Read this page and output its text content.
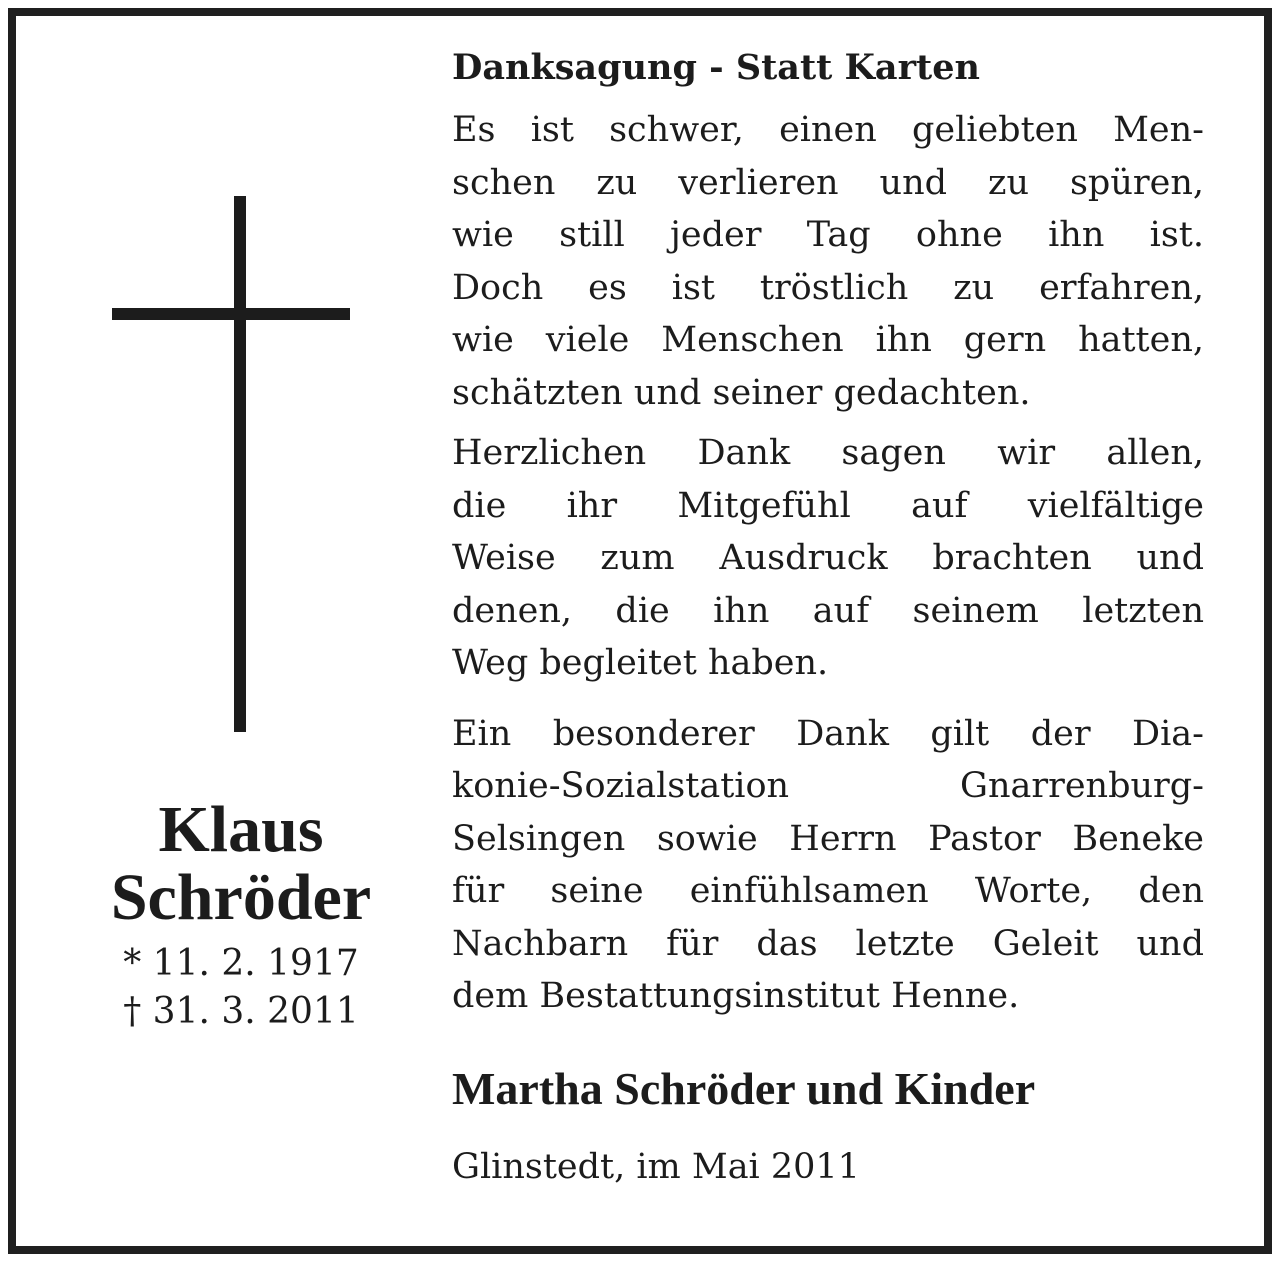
Klaus
Schröder
* 11. 2. 1917
† 31. 3. 2011
Danksagung - Statt Karten
Es ist schwer, einen geliebten Men-
schen zu verlieren und zu spüren,
wie still jeder Tag ohne ihn ist.
Doch es ist tröstlich zu erfahren,
wie viele Menschen ihn gern hatten,
schätzten und seiner gedachten.
Herzlichen Dank sagen wir allen,
die ihr Mitgefühl auf vielfältige
Weise zum Ausdruck brachten und
denen, die ihn auf seinem letzten
Weg begleitet haben.
Ein besonderer Dank gilt der Dia-
konie-Sozialstation Gnarrenburg-
Selsingen sowie Herrn Pastor Beneke
für seine einfühlsamen Worte, den
Nachbarn für das letzte Geleit und
dem Bestattungsinstitut Henne.
Martha Schröder und Kinder
Glinstedt, im Mai 2011
